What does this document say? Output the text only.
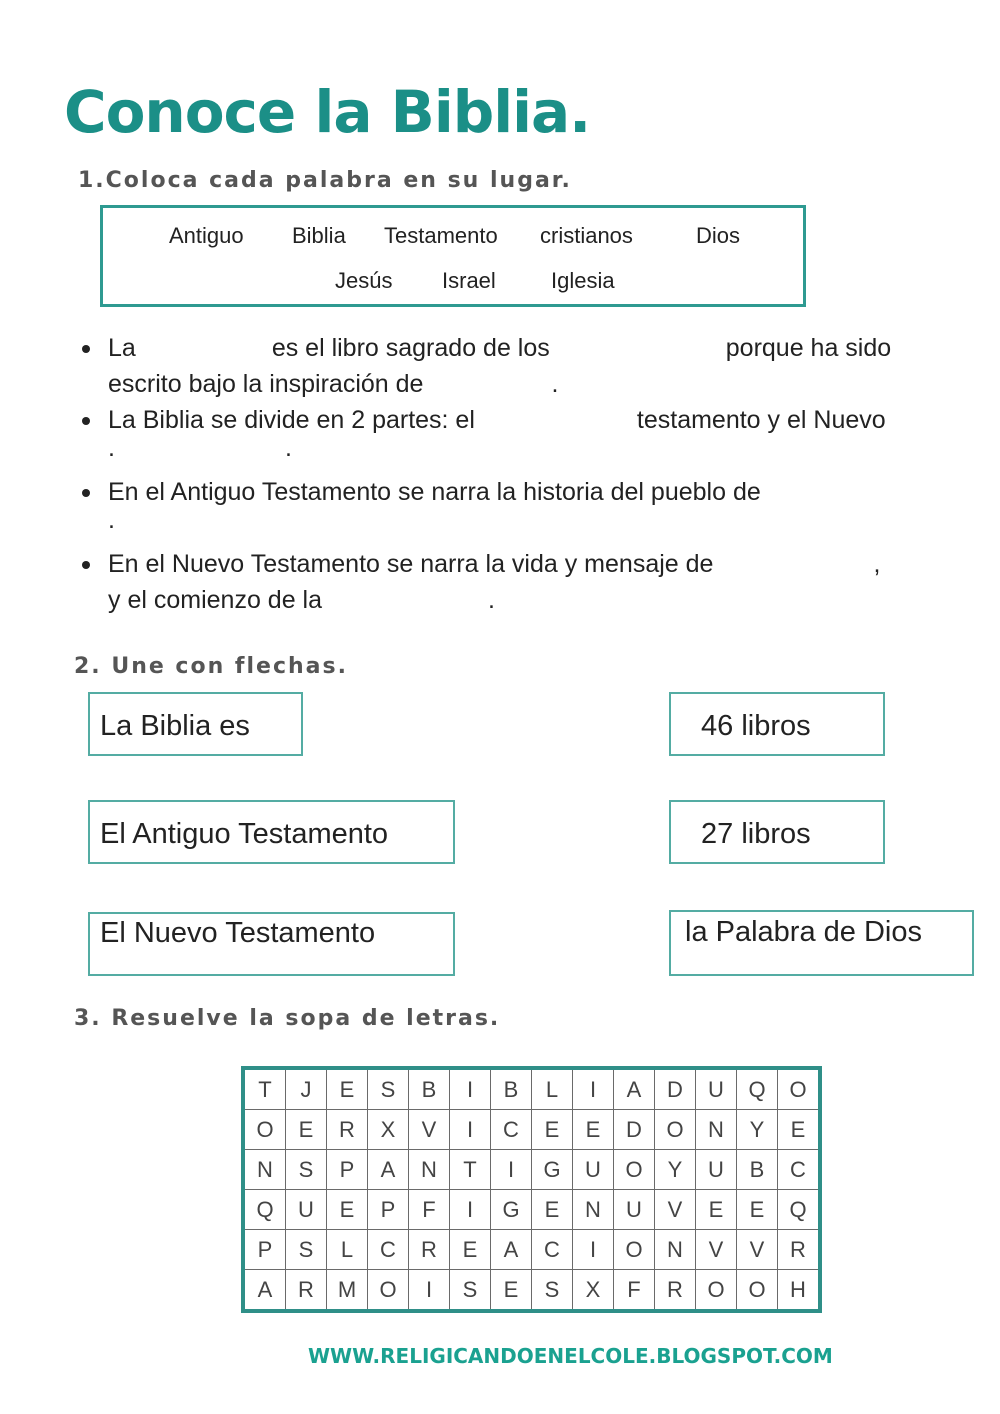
Conoce la Biblia.
1.Coloca cada palabra en su lugar.
Antiguo Biblia Testamento cristianos	Dios
Jesús Israel	Iglesia
La	es el libro sagrado de los	porque ha sido
escrito bajo la inspiración de	.
La Biblia se divide en 2 partes: el	testamento y el Nuevo
.	.
En el Antiguo Testamento se narra la historia del pueblo de
.
En el Nuevo Testamento se narra la vida y mensaje de	,
y el comienzo de la	.
2. Une con flechas.
La Biblia es
El Antiguo Testamento
El Nuevo Testamento
46 libros
27 libros
la Palabra de Dios
3. Resuelve la sopa de letras.
T	J	E	S	B	I	B	L	I	A	D	U	Q	O
O	E	R	X	V	I	C	E	E	D	O	N	Y	E
N	S	P	A	N	T	I	G	U	O	Y	U	B	C
Q	U	E	P	F	I	G	E	N	U	V	E	E	Q
P	S	L	C	R	E	A	C	I	O	N	V	V	R
A	R	M	O	I	S	E	S	X	F	R	O	O	H
WWW.RELIGICANDOENELCOLE.BLOGSPOT.COM
